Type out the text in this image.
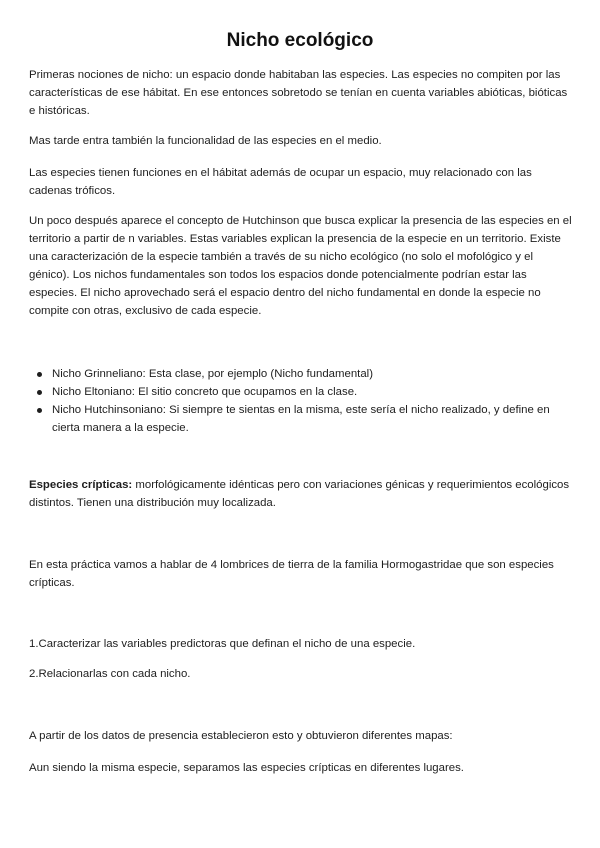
Nicho ecológico

Primeras nociones de nicho: un espacio donde habitaban las especies. Las especies no compiten por las características de ese hábitat. En ese entonces sobretodo se tenían en cuenta variables abióticas, bióticas e históricas.

Mas tarde entra también la funcionalidad de las especies en el medio.

Las especies tienen funciones en el hábitat además de ocupar un espacio, muy relacionado con las cadenas tróficos.

Un poco después aparece el concepto de Hutchinson que busca explicar la presencia de las especies en el territorio a partir de n variables. Estas variables explican la presencia de la especie en un territorio. Existe una caracterización de la especie también a través de su nicho ecológico (no solo el mofológico y el génico). Los nichos fundamentales son todos los espacios donde potencialmente podrían estar las especies. El nicho aprovechado será el espacio dentro del nicho fundamental en donde la especie no compite con otras, exclusivo de cada especie.

Nicho Grinneliano: Esta clase, por ejemplo (Nicho fundamental)
Nicho Eltoniano: El sitio concreto que ocupamos en la clase.
Nicho Hutchinsoniano: Si siempre te sientas en la misma, este sería el nicho realizado, y define en cierta manera a la especie.

Especies crípticas: morfológicamente idénticas pero con variaciones génicas y requerimientos ecológicos distintos. Tienen una distribución muy localizada.

En esta práctica vamos a hablar de 4 lombrices de tierra de la familia Hormogastridae que son especies crípticas.

1.Caracterizar las variables predictoras que definan el nicho de una especie.

2.Relacionarlas con cada nicho.

A partir de los datos de presencia establecieron esto y obtuvieron diferentes mapas:

Aun siendo la misma especie, separamos las especies crípticas en diferentes lugares.
